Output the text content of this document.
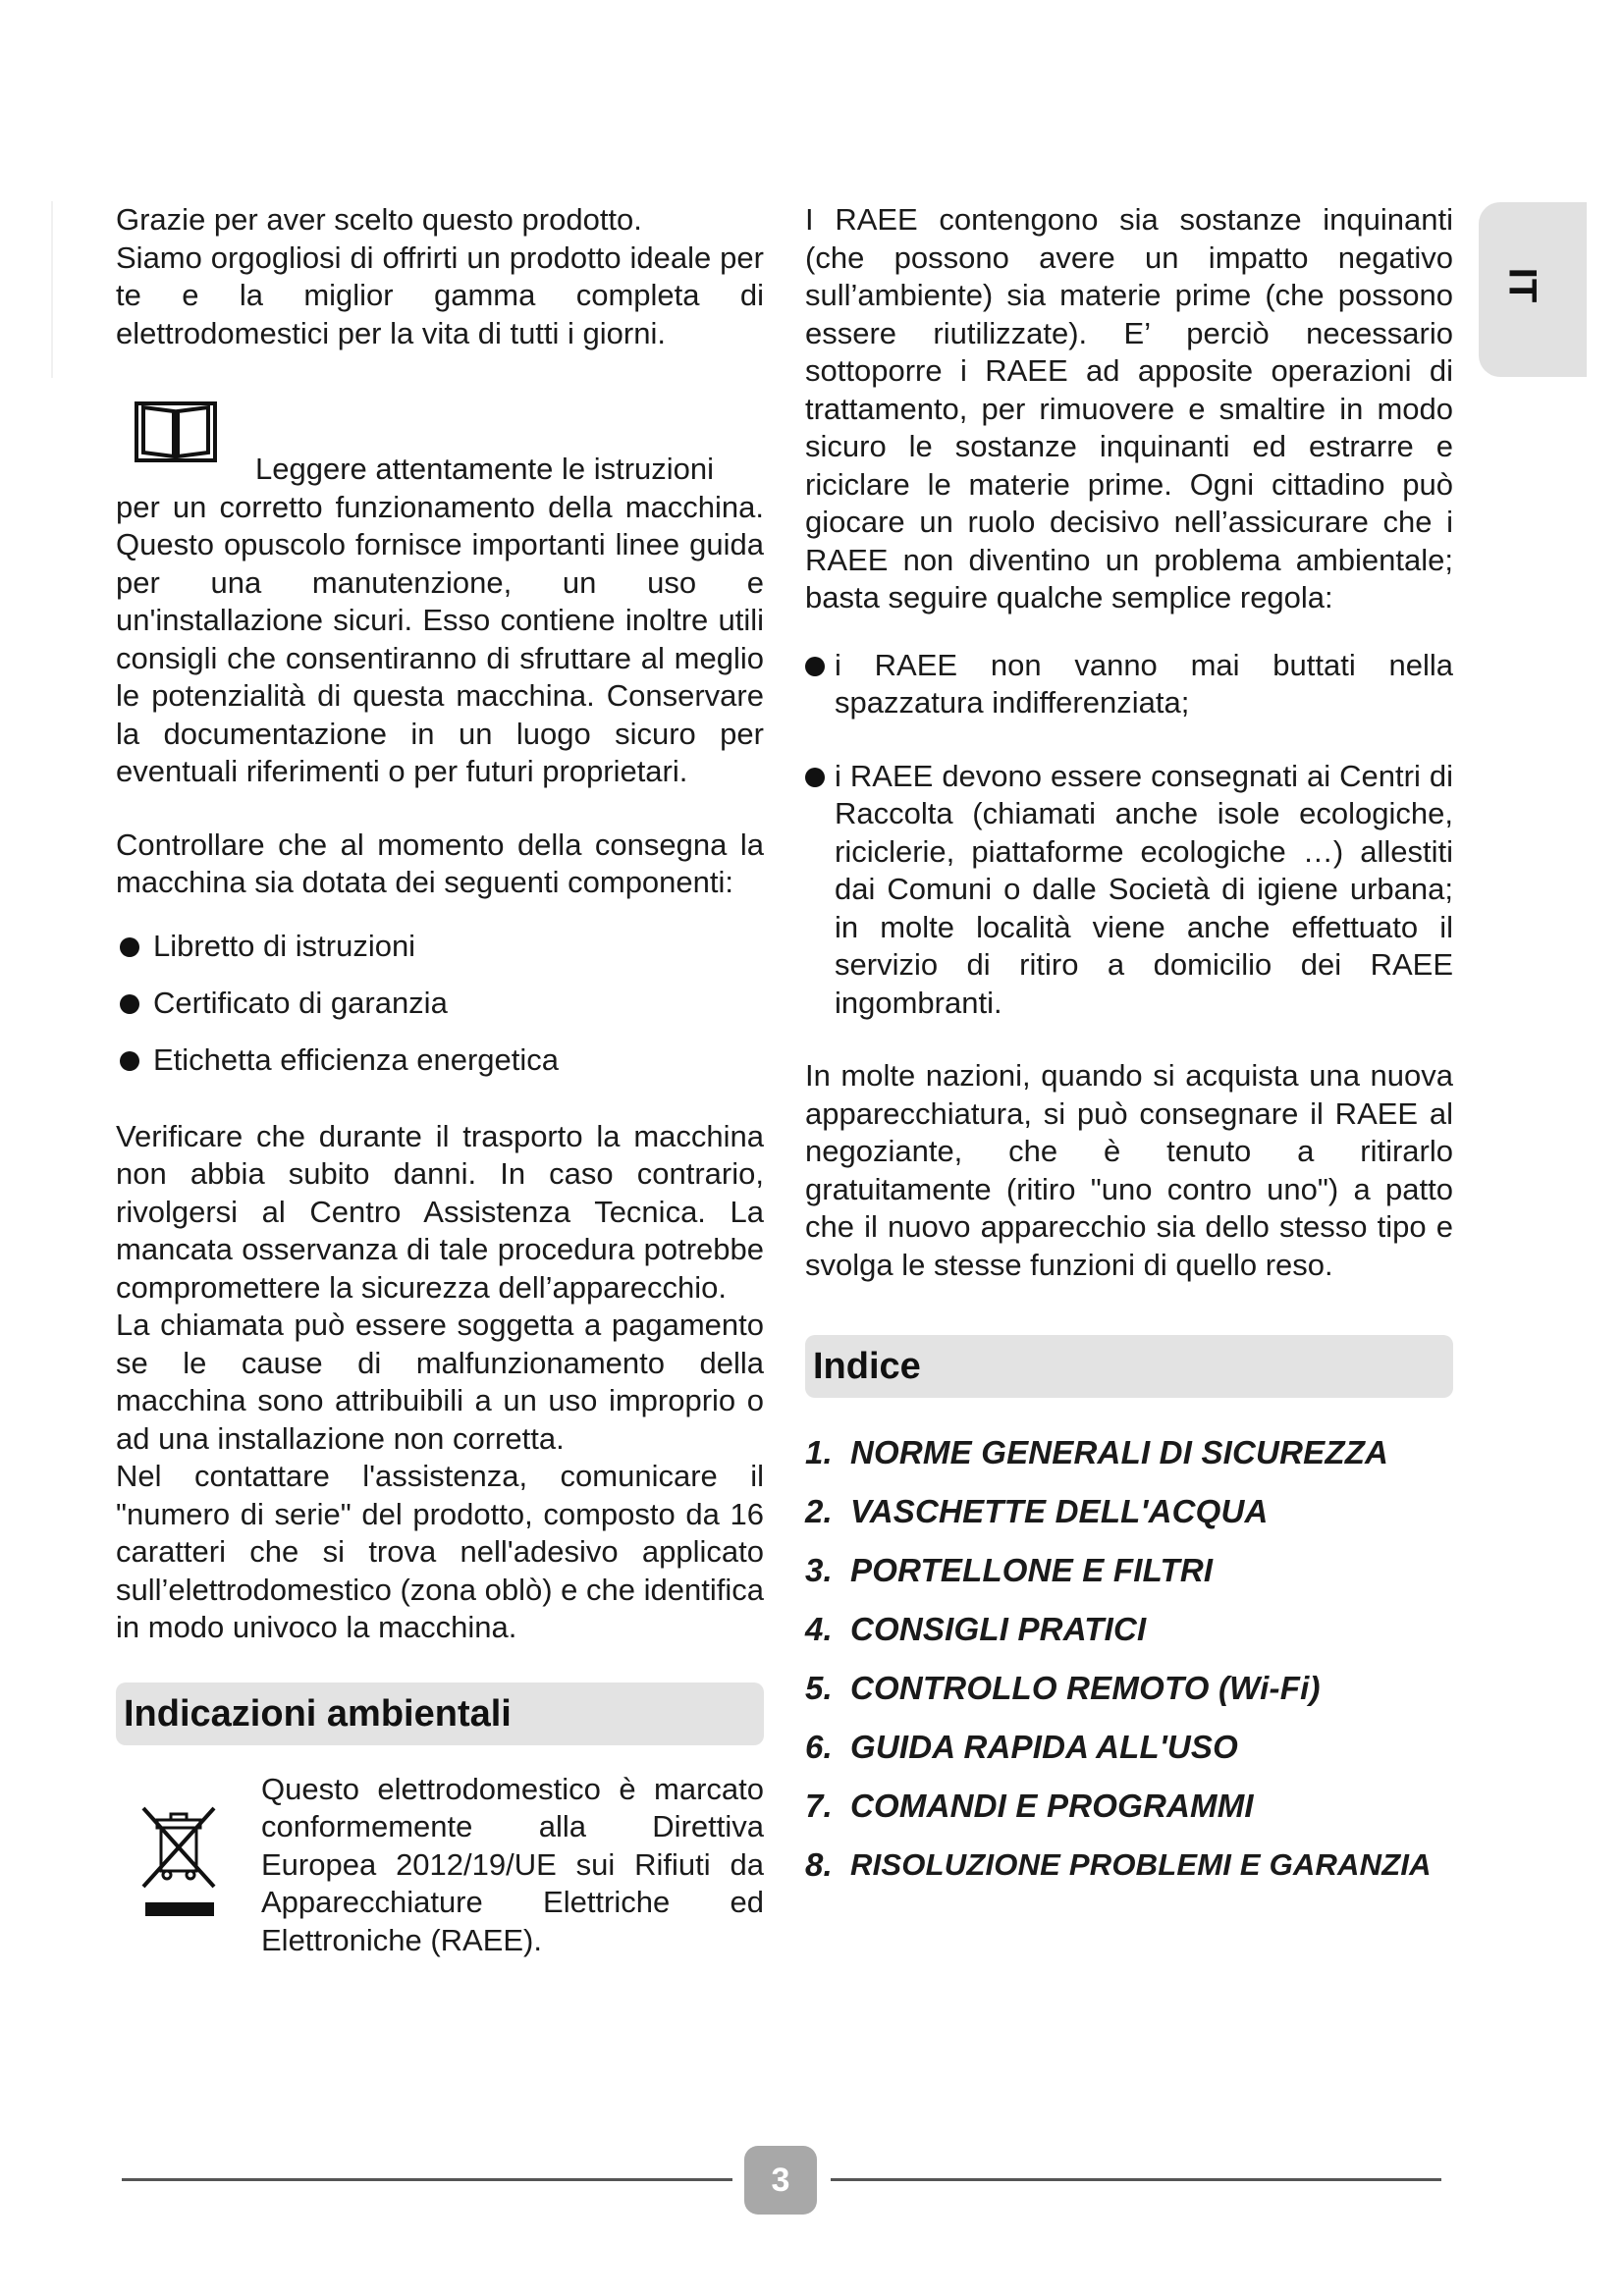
IT

Grazie per aver scelto questo prodotto.

Siamo orgogliosi di offrirti un prodotto ideale per te e la miglior gamma completa di elettrodomestici per la vita di tutti i giorni.

Leggere attentamente le istruzioni

per un corretto funzionamento della macchina. Questo opuscolo fornisce importanti linee guida per una manutenzione, un uso e un'installazione sicuri. Esso contiene inoltre utili consigli che consentiranno di sfruttare al meglio le potenzialità di questa macchina. Conservare la documentazione in un luogo sicuro per eventuali riferimenti o per futuri proprietari.

Controllare che al momento della consegna la macchina sia dotata dei seguenti componenti:

Libretto di istruzioni
Certificato di garanzia
Etichetta efficienza energetica

Verificare che durante il trasporto la macchina non abbia subito danni. In caso contrario, rivolgersi al Centro Assistenza Tecnica. La mancata osservanza di tale procedura potrebbe compromettere la sicurezza dell’apparecchio.

La chiamata può essere soggetta a pagamento se le cause di malfunzionamento della macchina sono attribuibili a un uso improprio o ad una installazione non corretta.

Nel contattare l'assistenza, comunicare il "numero di serie" del prodotto, composto da 16 caratteri che si trova nell'adesivo applicato sull’elettrodomestico (zona oblò) e che identifica in modo univoco la macchina.

Indicazioni ambientali

Questo elettrodomestico è marcato conformemente alla Direttiva Europea 2012/19/UE sui Rifiuti da Apparecchiature Elettriche ed Elettroniche (RAEE).

I RAEE contengono sia sostanze inquinanti (che possono avere un impatto negativo sull’ambiente) sia materie prime (che possono essere riutilizzate). E’ perciò necessario sottoporre i RAEE ad apposite operazioni di trattamento, per rimuovere e smaltire in modo sicuro le sostanze inquinanti ed estrarre e riciclare le materie prime. Ogni cittadino può giocare un ruolo decisivo nell’assicurare che i RAEE non diventino un problema ambientale; basta seguire qualche semplice regola:

i RAEE non vanno mai buttati nella spazzatura indifferenziata;

i RAEE devono essere consegnati ai Centri di Raccolta (chiamati anche isole ecologiche, riciclerie, piattaforme ecologiche …) allestiti dai Comuni o dalle Società di igiene urbana; in molte località viene anche effettuato il servizio di ritiro a domicilio dei RAEE ingombranti.

In molte nazioni, quando si acquista una nuova apparecchiatura, si può consegnare il RAEE al negoziante, che è tenuto a ritirarlo gratuitamente (ritiro "uno contro uno") a patto che il nuovo apparecchio sia dello stesso tipo e svolga le stesse funzioni di quello reso.

Indice
1. NORME GENERALI DI SICUREZZA
2. VASCHETTE DELL'ACQUA
3. PORTELLONE E FILTRI
4. CONSIGLI PRATICI
5. CONTROLLO REMOTO (Wi-Fi)
6. GUIDA RAPIDA ALL'USO
7. COMANDI E PROGRAMMI
8. RISOLUZIONE PROBLEMI E GARANZIA
3
